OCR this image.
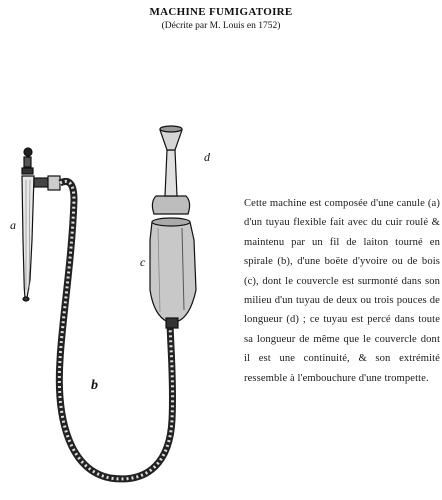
MACHINE FUMIGATOIRE
(Décrite par M. Louis en 1752)
a
b
c
d
Cette machine est composée d'une canule (a) d'un tuyau flexible fait avec du cuir roulé & maintenu par un fil de laiton tourné en spirale (b), d'une boëte d'yvoire ou de bois (c), dont le couvercle est surmonté dans son milieu d'un tuyau de deux ou trois pouces de longueur (d) ; ce tuyau est percé dans toute sa longueur de même que le couvercle dont il est une continuité, & son extrémité ressemble à l'embouchure d'une trompette.
